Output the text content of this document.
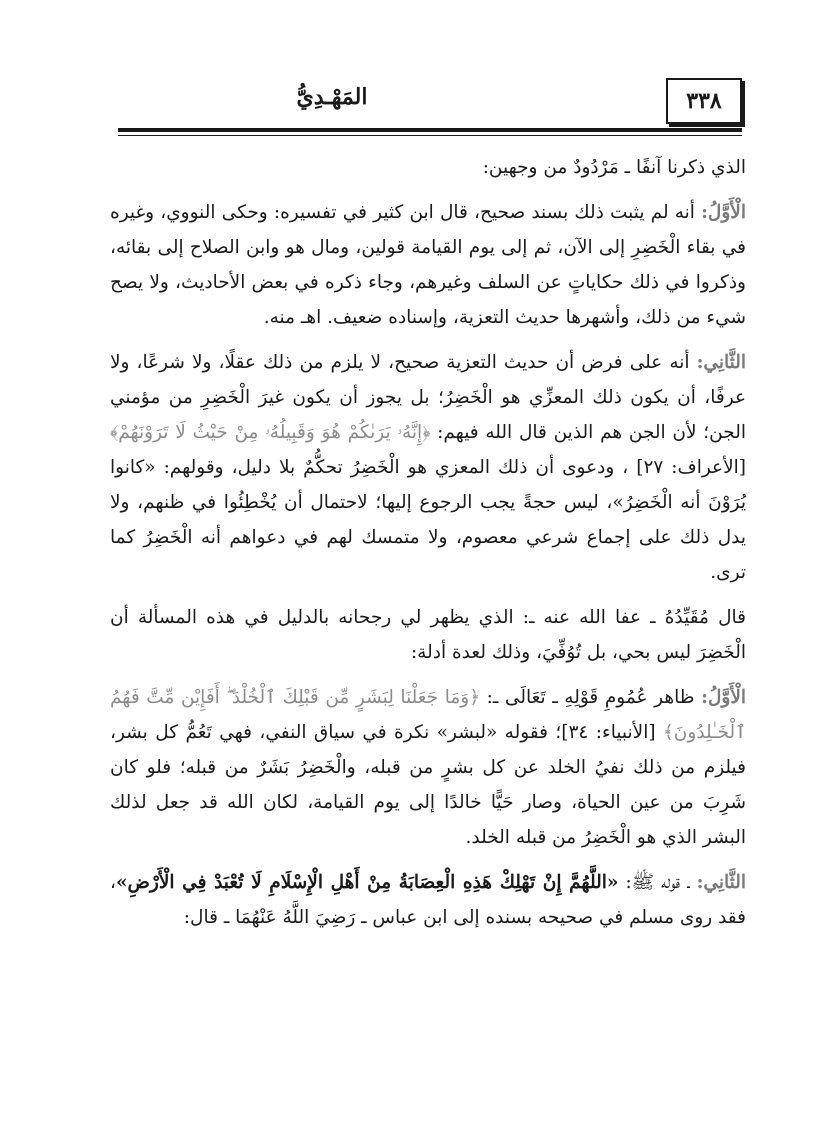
٣٣٨
المَهْـدِيُّ

الذي ذكرنا آنفًا ـ مَرْدُودٌ من وجهين:

الْأَوَّلُ: أنه لم يثبت ذلك بسند صحيح، قال ابن كثير في تفسيره: وحكى النووي، وغيره في بقاء الْخَضِرِ إلى الآن، ثم إلى يوم القيامة قولين، ومال هو وابن الصلاح إلى بقائه، وذكروا في ذلك حكاياتٍ عن السلف وغيرهم، وجاء ذكره في بعض الأحاديث، ولا يصح شيء من ذلك، وأشهرها حديث التعزية، وإسناده ضعيف. اهـ منه.

الثَّانِي: أنه على فرض أن حديث التعزية صحيح، لا يلزم من ذلك عقلًا، ولا شرعًا، ولا عرفًا، أن يكون ذلك المعزِّي هو الْخَضِرُ؛ بل يجوز أن يكون غيرَ الْخَضِرِ من مؤمني الجن؛ لأن الجن هم الذين قال الله فيهم: ﴿إِنَّهُۥ يَرَىٰكُمْ هُوَ وَقَبِيلُهُۥ مِنْ حَيْثُ لَا تَرَوْنَهُمْ﴾ [الأعراف: ٢٧] ، ودعوى أن ذلك المعزي هو الْخَضِرُ تحكُّمٌ بلا دليل، وقولهم: «كانوا يُرَوْنَ أنه الْخَضِرُ»، ليس حجةً يجب الرجوع إليها؛ لاحتمال أن يُخْطِئُوا في ظنهم، ولا يدل ذلك على إجماع شرعي معصوم، ولا متمسك لهم في دعواهم أنه الْخَضِرُ كما ترى.

قال مُقَيِّدُهُ ـ عفا الله عنه ـ: الذي يظهر لي رجحانه بالدليل في هذه المسألة أن الْخَضِرَ ليس بحي، بل تُوُفِّيَ، وذلك لعدة أدلة:

الْأَوَّلُ: ظاهر عُمُومِ قَوْلِهِ ـ تَعَالَى ـ: ﴿وَمَا جَعَلْنَا لِبَشَرٍ مِّن قَبْلِكَ ٱلْخُلْدَ ۖ أَفَإِيْن مِّتَّ فَهُمُ ٱلْخَـٰلِدُونَ﴾ [الأنبياء: ٣٤]؛ فقوله «لبشر» نكرة في سياق النفي، فهي تَعُمُّ كل بشر، فيلزم من ذلك نفيُ الخلد عن كل بشرٍ من قبله، والْخَضِرُ بَشَرٌ من قبله؛ فلو كان شَرِبَ من عين الحياة، وصار حَيًّا خالدًا إلى يوم القيامة، لكان الله قد جعل لذلك البشر الذي هو الْخَضِرُ من قبله الخلد.

الثَّانِي: ـ قوله ﷺ: «اللَّهُمَّ إِنْ تَهْلِكْ هَذِهِ الْعِصَابَةُ مِنْ أَهْلِ الْإِسْلَامِ لَا تُعْبَدْ فِي الْأَرْضِ»، فقد روى مسلم في صحيحه بسنده إلى ابن عباس ـ رَضِيَ اللَّهُ عَنْهُمَا ـ قال:
